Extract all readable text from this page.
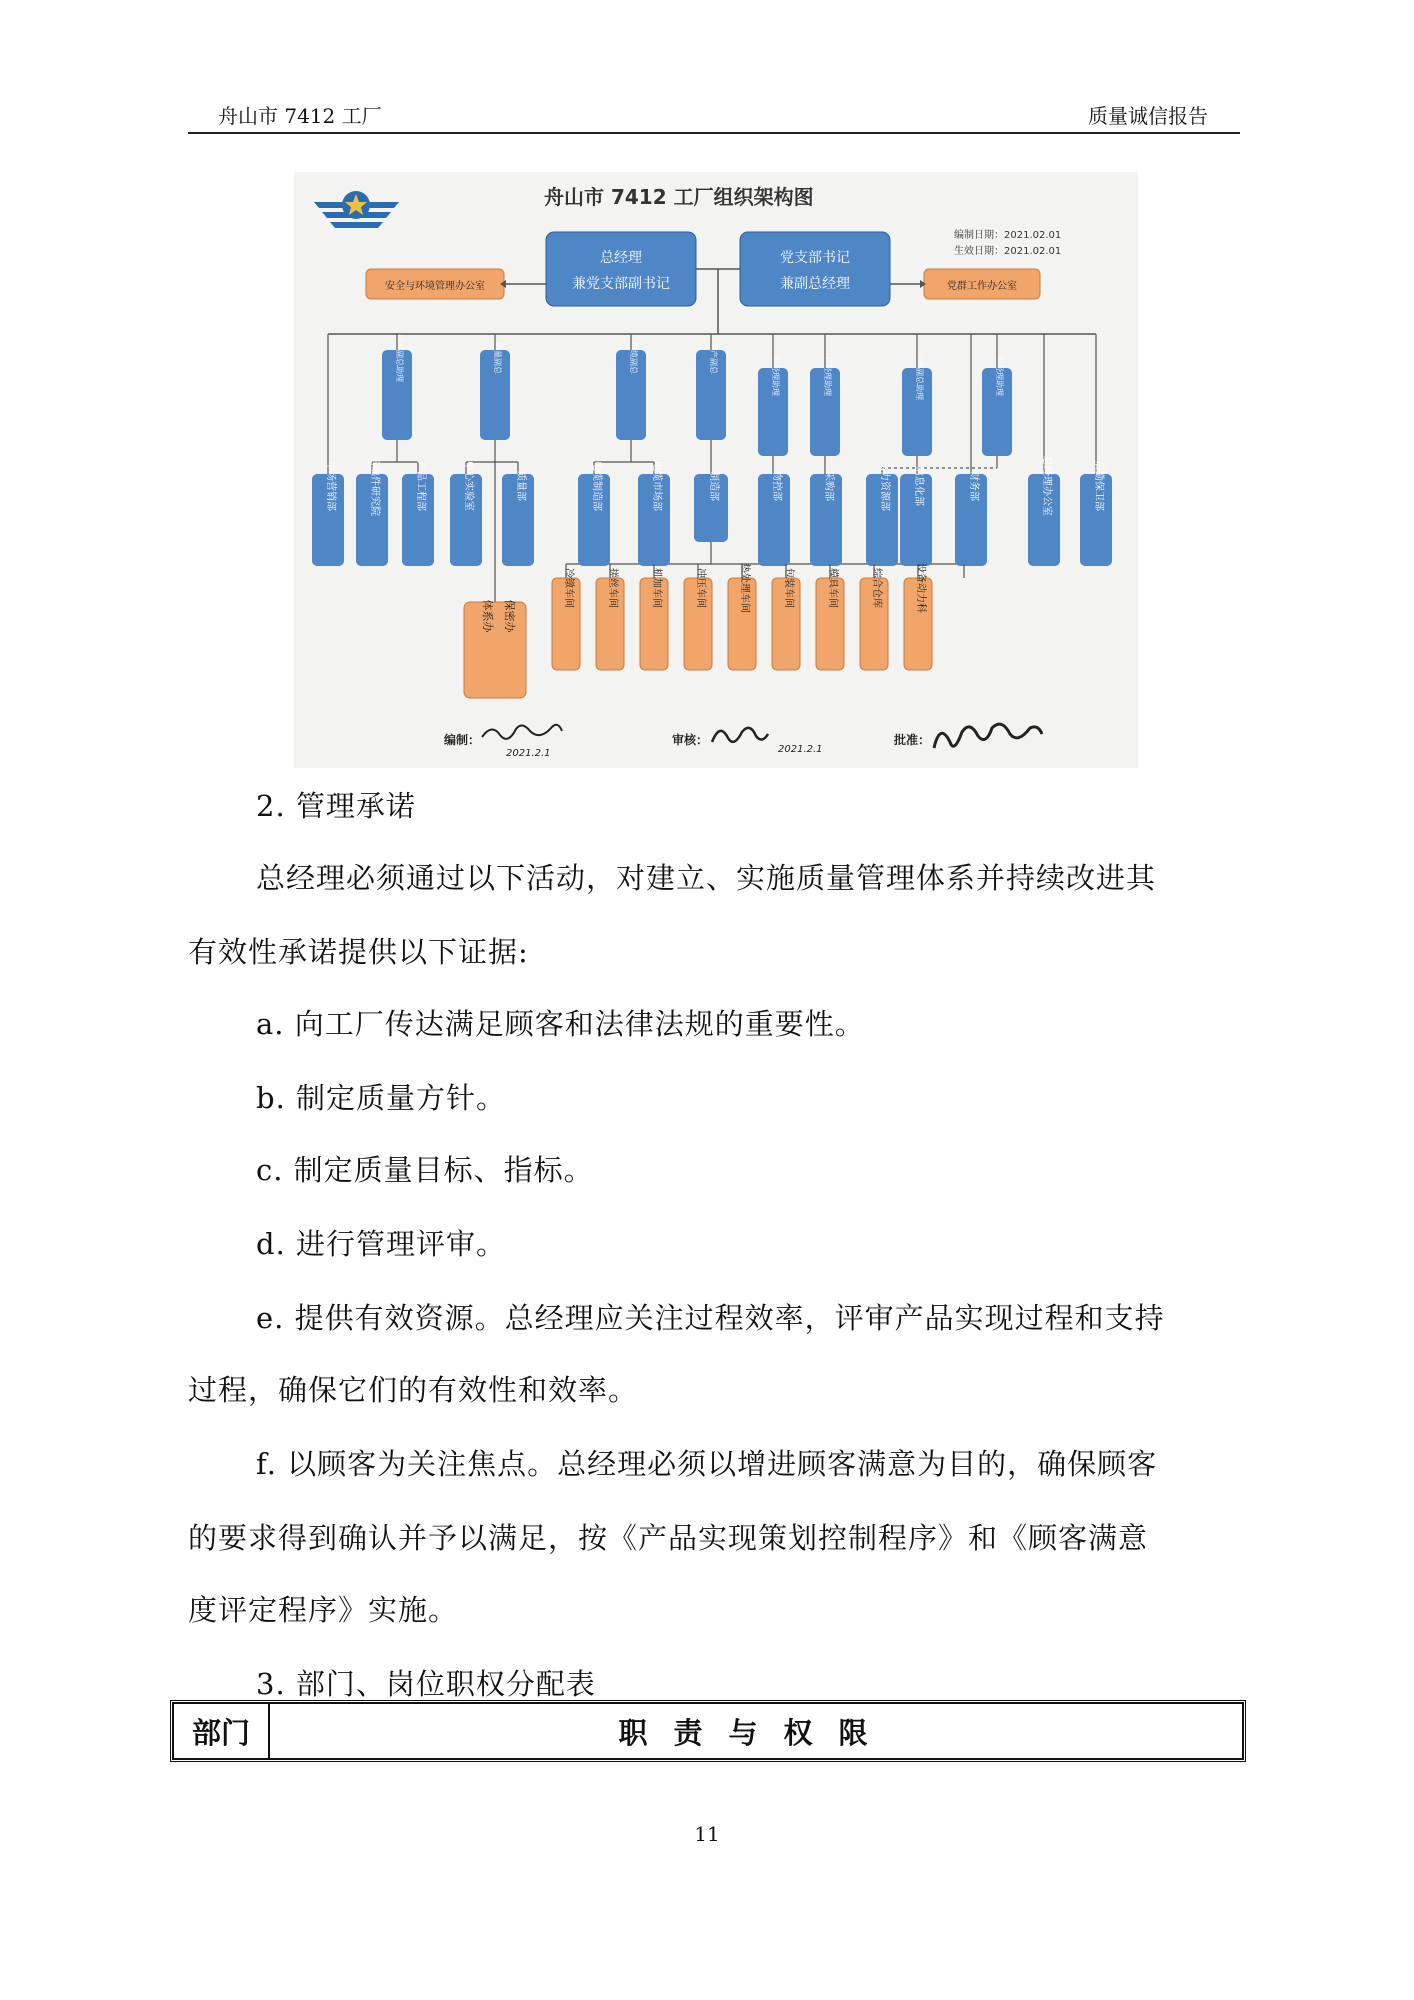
舟山市 7412 工厂	质量诚信报告
舟山市 7412 工厂组织架构图
编制日期：2021.02.01
生效日期：2021.02.01
总经理
兼党支部副书记
党支部书记
兼副总经理
安全与环境管理办公室	党群工作办公室
技术副总助理	质量副总	电缆副总	生产副总	总经理助理	总经理助理	行政副总助理	总经理助理
市场营销部	基础件研究院	产品工程部	中心实验室	质量部	电缆制造部	电缆市场部	制造部	物控部	采购部	人力资源部 信息化部	财务部	总经理办公室	后勤保卫部
体系办 保密办
冷镦车间	搓丝车间	机加车间	冲压车间	热处理车间	包装车间	模具车间	综合仓库	设备动力科
编制：
2021.2.1
审核：
2021.2.1
批准：
2. 管理承诺
总经理必须通过以下活动，对建立、实施质量管理体系并持续改进其
有效性承诺提供以下证据:
a. 向工厂传达满足顾客和法律法规的重要性。
b. 制定质量方针。
c. 制定质量目标、指标。
d. 进行管理评审。
e. 提供有效资源。总经理应关注过程效率，评审产品实现过程和支持
过程，确保它们的有效性和效率。
f. 以顾客为关注焦点。总经理必须以增进顾客满意为目的，确保顾客
的要求得到确认并予以满足，按《产品实现策划控制程序》和《顾客满意
度评定程序》实施。
3. 部门、岗位职权分配表
部门	职责与权限
11
